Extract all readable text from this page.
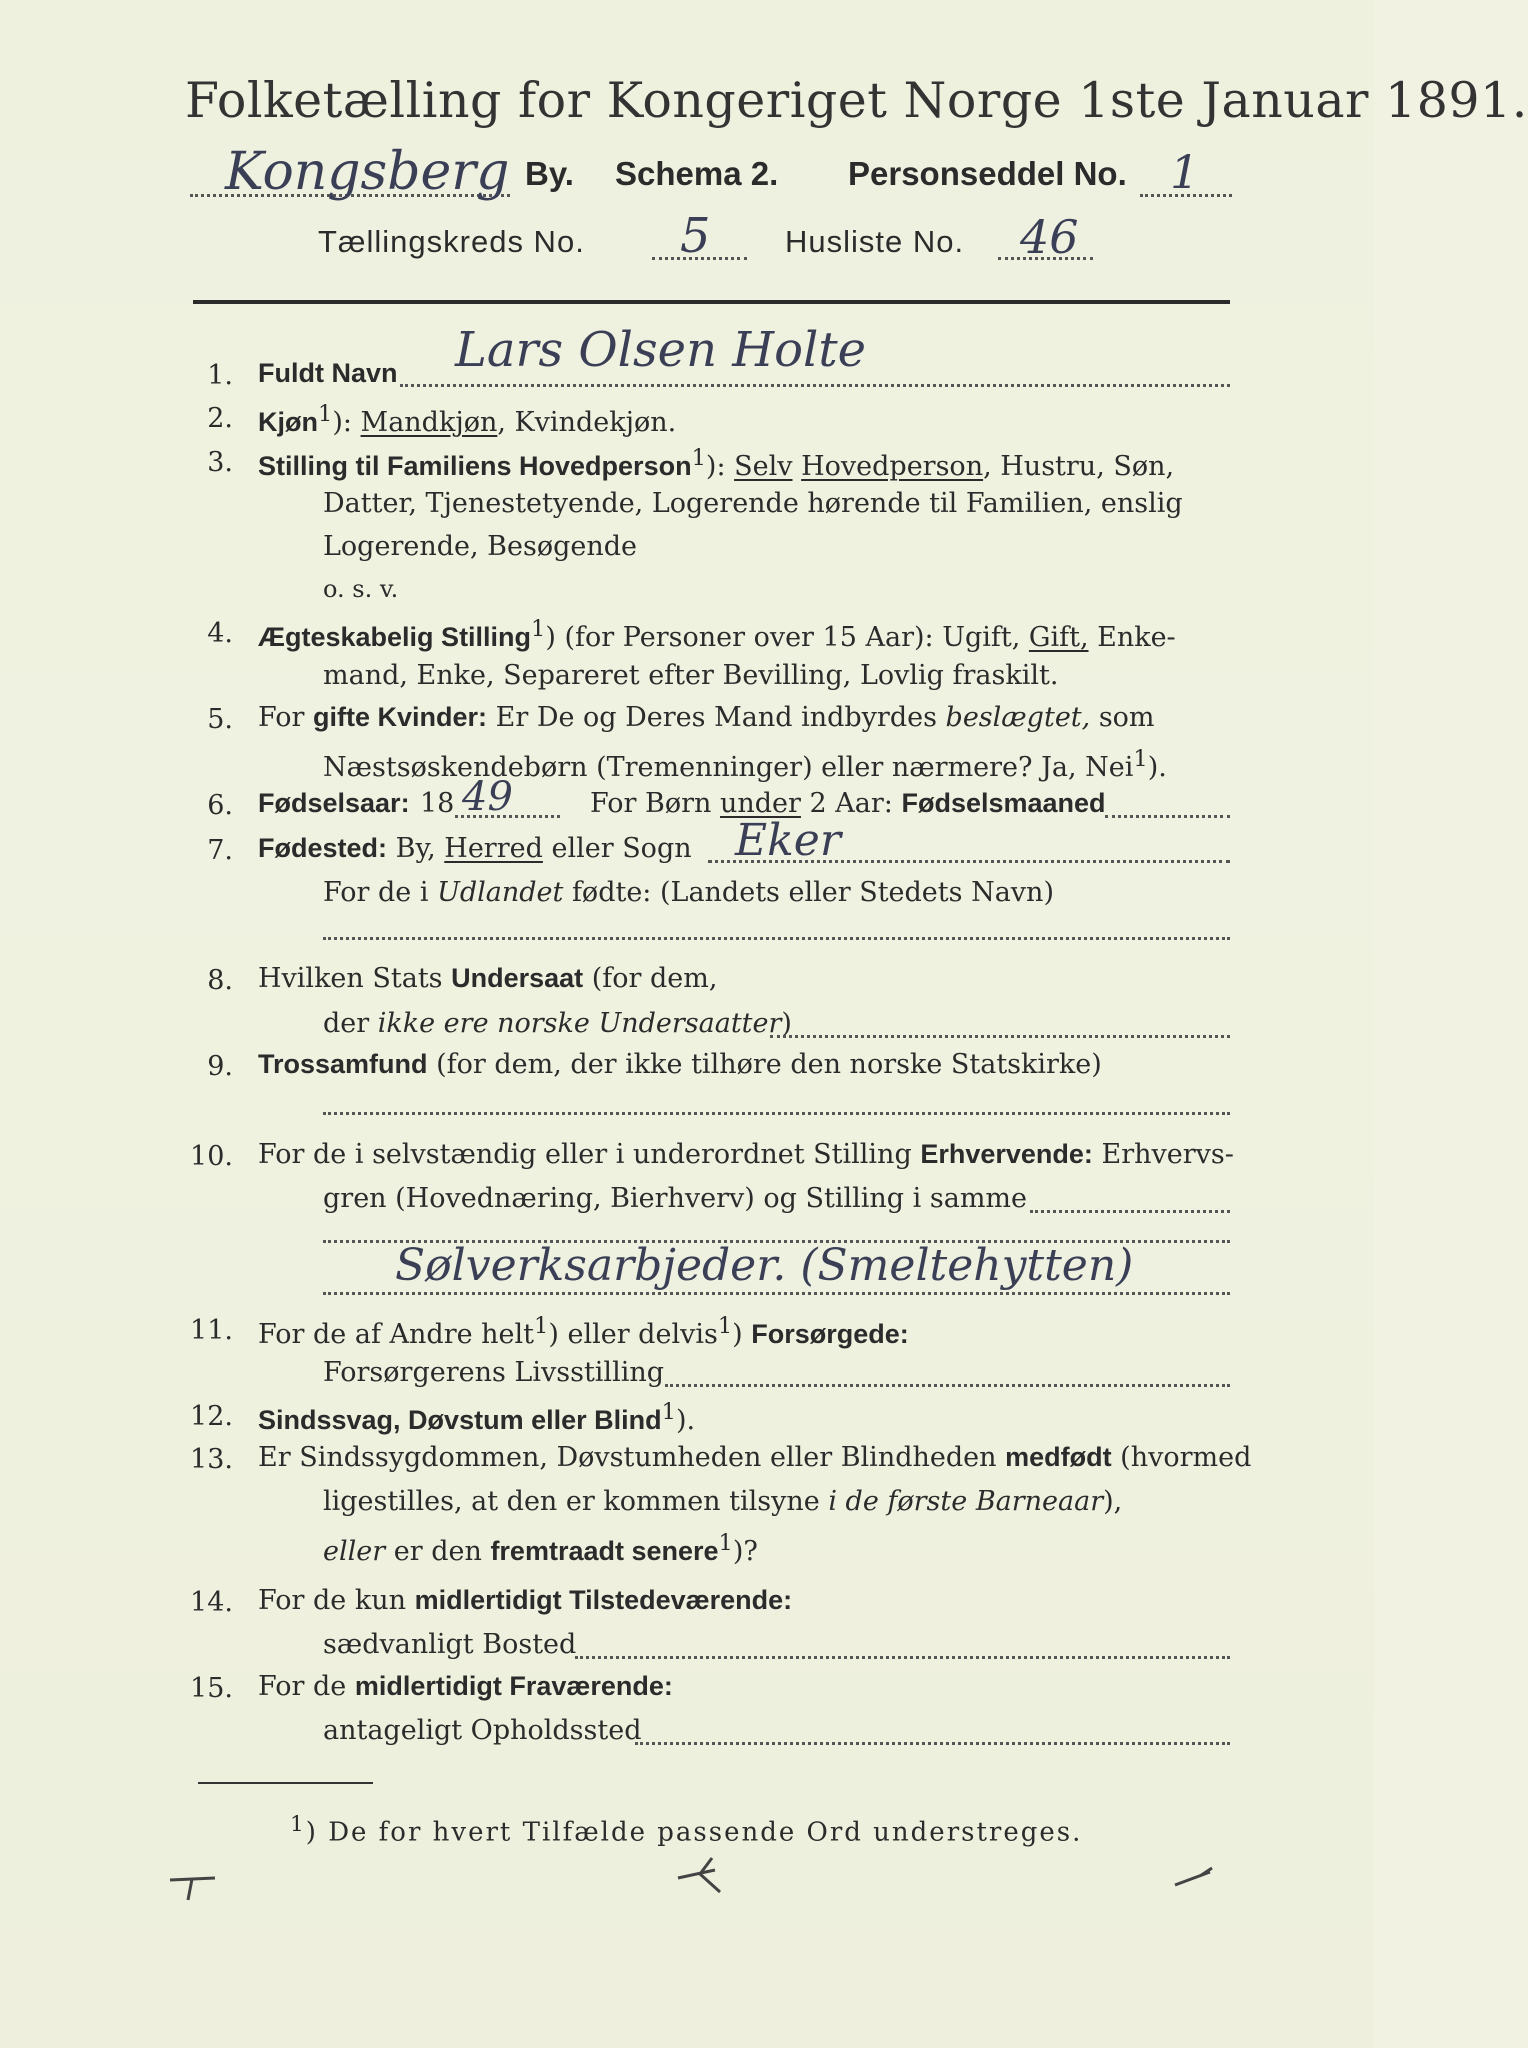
Folketælling for Kongeriget Norge 1ste Januar 1891.
Kongsberg By. Schema 2. Personseddel No. 1
Tællingskreds No. 5 Husliste No. 46
1. Fuldt Navn Lars Olsen Holte
2. Kjøn$^1$): Mandkjøn, Kvindekjøn.
3. Stilling til Familiens Hovedperson$^1$): Selv Hovedperson, Hustru, Søn,
Datter, Tjenestetyende, Logerende hørende til Familien, enslig
Logerende, Besøgende
o. s. v.
4. Ægteskabelig Stilling$^1$) (for Personer over 15 Aar): Ugift, Gift, Enke-
mand, Enke, Separeret efter Bevilling, Lovlig fraskilt.
5. For gifte Kvinder: Er De og Deres Mand indbyrdes beslægtet, som
Næstsøskendebørn (Tremenninger) eller nærmere? Ja, Nei$^1$).
6. Fødselsaar: 18 49	For Børn under 2 Aar: Fødselsmaaned
7. Fødested: By, Herred eller Sogn Eker
For de i Udlandet fødte: (Landets eller Stedets Navn)
8. Hvilken Stats Undersaat (for dem,
der ikke ere norske Undersaatter)
9. Trossamfund (for dem, der ikke tilhøre den norske Statskirke)
10. For de i selvstændig eller i underordnet Stilling Erhvervende: Erhvervs-
gren (Hovednæring, Bierhverv) og Stilling i samme
Sølverksarbjeder. (Smeltehytten)
11. For de af Andre helt$^1$) eller delvis$^1$) Forsørgede:
Forsørgerens Livsstilling
12. Sindssvag, Døvstum eller Blind$^1$).
13. Er Sindssygdommen, Døvstumheden eller Blindheden medfødt (hvormed
ligestilles, at den er kommen tilsyne i de første Barneaar),
eller er den fremtraadt senere$^1$)?
14. For de kun midlertidigt Tilstedeværende:
sædvanligt Bosted
15. For de midlertidigt Fraværende:
antageligt Opholdssted
$^1$) De for hvert Tilfælde passende Ord understreges.
